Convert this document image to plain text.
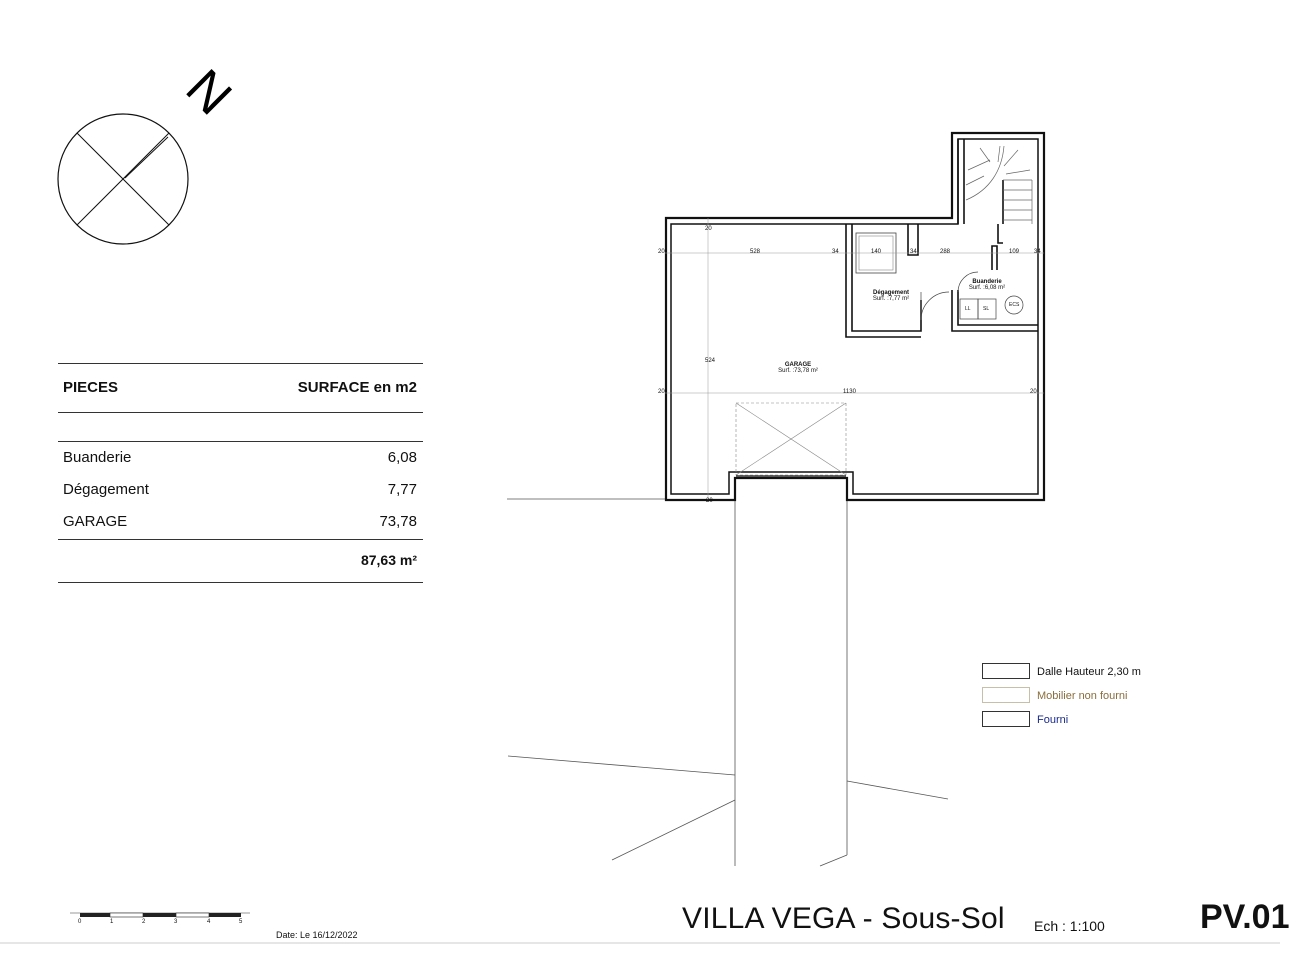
N
0	1	2	3	4	5
20	528	34	140	34	288	109 34
20
524
20	1130	20
20
GARAGE
Surf. :73,78 m²
Dégagement
Surf. :7,77 m²
Buanderie
Surf. :6,08 m²
LL SL
ECS
PIECES	SURFACE en m2
Buanderie	6,08
Dégagement	7,77
GARAGE	73,78
87,63 m²
Dalle Hauteur 2,30 m
Mobilier non fourni
Fourni
VILLA VEGA - Sous-Sol Ech : 1:100	PV.01
Date: Le 16/12/2022
